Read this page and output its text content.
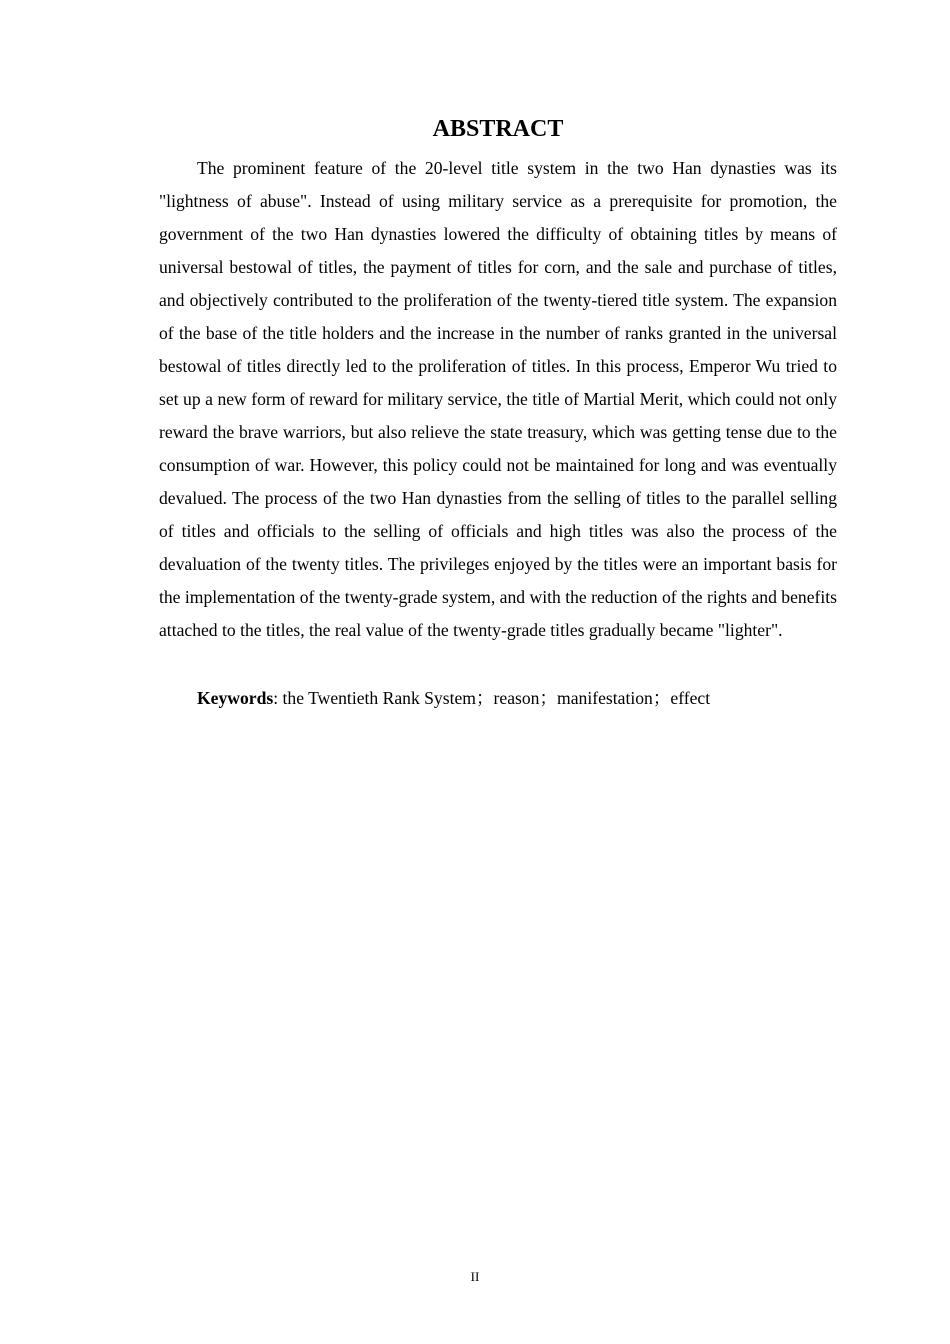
ABSTRACT

The prominent feature of the 20-level title system in the two Han dynasties was its "lightness of abuse". Instead of using military service as a prerequisite for promotion, the government of the two Han dynasties lowered the difficulty of obtaining titles by means of universal bestowal of titles, the payment of titles for corn, and the sale and purchase of titles, and objectively contributed to the proliferation of the twenty-tiered title system. The expansion of the base of the title holders and the increase in the number of ranks granted in the universal bestowal of titles directly led to the proliferation of titles. In this process, Emperor Wu tried to set up a new form of reward for military service, the title of Martial Merit, which could not only reward the brave warriors, but also relieve the state treasury, which was getting tense due to the consumption of war. However, this policy could not be maintained for long and was eventually devalued. The process of the two Han dynasties from the selling of titles to the parallel selling of titles and officials to the selling of officials and high titles was also the process of the devaluation of the twenty titles. The privileges enjoyed by the titles were an important basis for the implementation of the twenty-grade system, and with the reduction of the rights and benefits attached to the titles, the real value of the twenty-grade titles gradually became "lighter".

Keywords: the Twentieth Rank System；reason；manifestation；effect

II
